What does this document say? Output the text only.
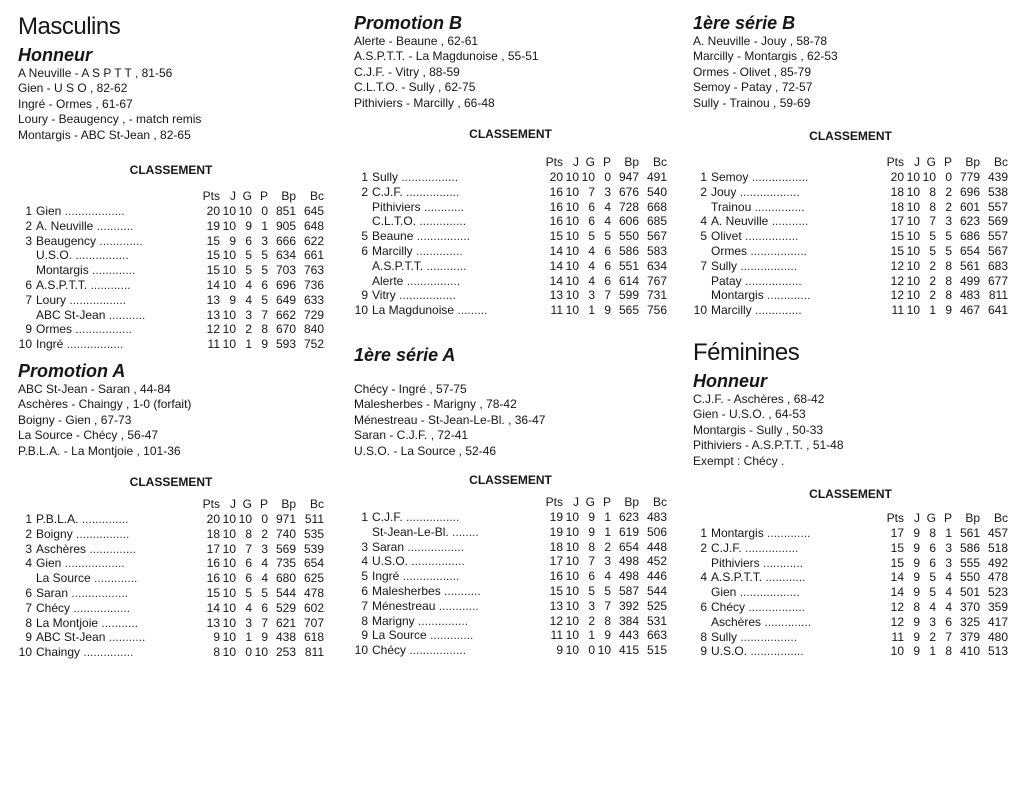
Masculins
Honneur
A Neuville - A S P T T , 81-56
Gien - U S O , 82-62
Ingré - Ormes , 61-67
Loury - Beaugency , - match remis
Montargis - ABC St-Jean , 82-65
CLASSEMENT
		Pts	J	G	P	Bp	Bc
1	Gien ..................	20	10	10	0	851	645
2	A. Neuville ...........	19	10	9	1	905	648
3	Beaugency .............	15	9	6	3	666	622
	U.S.O. ................	15	10	5	5	634	661
	Montargis .............	15	10	5	5	703	763
6	A.S.P.T.T. ............	14	10	4	6	696	736
7	Loury .................	13	9	4	5	649	633
	ABC St-Jean ...........	13	10	3	7	662	729
9	Ormes .................	12	10	2	8	670	840
10	Ingré .................	11	10	1	9	593	752
Promotion A
ABC St-Jean - Saran , 44-84
Aschères - Chaingy , 1-0 (forfait)
Boigny - Gien , 67-73
La Source - Chécy , 56-47
P.B.L.A. - La Montjoie , 101-36
CLASSEMENT
		Pts	J	G	P	Bp	Bc
1	P.B.L.A. ..............	20	10	10	0	971	511
2	Boigny ................	18	10	8	2	740	535
3	Aschères ..............	17	10	7	3	569	539
4	Gien ..................	16	10	6	4	735	654
	La Source .............	16	10	6	4	680	625
6	Saran .................	15	10	5	5	544	478
7	Chécy .................	14	10	4	6	529	602
8	La Montjoie ...........	13	10	3	7	621	707
9	ABC St-Jean ...........	9	10	1	9	438	618
10	Chaingy ...............	8	10	0	10	253	811
Promotion B
Alerte - Beaune , 62-61
A.S.P.T.T. - La Magdunoise , 55-51
C.J.F. - Vitry , 88-59
C.L.T.O. - Sully , 62-75
Pithiviers - Marcilly , 66-48
CLASSEMENT
		Pts	J	G	P	Bp	Bc
1	Sully .................	20	10	10	0	947	491
2	C.J.F. ................	16	10	7	3	676	540
	Pithiviers ............	16	10	6	4	728	668
	C.L.T.O. ..............	16	10	6	4	606	685
5	Beaune ................	15	10	5	5	550	567
6	Marcilly ..............	14	10	4	6	586	583
	A.S.P.T.T. ............	14	10	4	6	551	634
	Alerte ................	14	10	4	6	614	767
9	Vitry .................	13	10	3	7	599	731
10	La Magdunoise .........	11	10	1	9	565	756
1ère série A
Chécy - Ingré , 57-75
Malesherbes - Marigny , 78-42
Ménestreau - St-Jean-Le-Bl. , 36-47
Saran - C.J.F. , 72-41
U.S.O. - La Source , 52-46
CLASSEMENT
		Pts	J	G	P	Bp	Bc
1	C.J.F. ................	19	10	9	1	623	483
	St-Jean-Le-Bl. ........	19	10	9	1	619	506
3	Saran .................	18	10	8	2	654	448
4	U.S.O. ................	17	10	7	3	498	452
5	Ingré .................	16	10	6	4	498	446
6	Malesherbes ...........	15	10	5	5	587	544
7	Ménestreau ............	13	10	3	7	392	525
8	Marigny ...............	12	10	2	8	384	531
9	La Source .............	11	10	1	9	443	663
10	Chécy .................	9	10	0	10	415	515
1ère série B
A. Neuville - Jouy , 58-78
Marcilly - Montargis , 62-53
Ormes - Olivet , 85-79
Semoy - Patay , 72-57
Sully - Trainou , 59-69
CLASSEMENT
		Pts	J	G	P	Bp	Bc
1	Semoy .................	20	10	10	0	779	439
2	Jouy ..................	18	10	8	2	696	538
	Trainou ...............	18	10	8	2	601	557
4	A. Neuville ...........	17	10	7	3	623	569
5	Olivet ................	15	10	5	5	686	557
	Ormes .................	15	10	5	5	654	567
7	Sully .................	12	10	2	8	561	683
	Patay .................	12	10	2	8	499	677
	Montargis .............	12	10	2	8	483	811
10	Marcilly ..............	11	10	1	9	467	641
Féminines
Honneur
C.J.F. - Aschères , 68-42
Gien - U.S.O. , 64-53
Montargis - Sully , 50-33
Pithiviers - A.S.P.T.T. , 51-48
Exempt : Chécy .
CLASSEMENT
		Pts	J	G	P	Bp	Bc
1	Montargis .............	17	9	8	1	561	457
2	C.J.F. ................	15	9	6	3	586	518
	Pithiviers ............	15	9	6	3	555	492
4	A.S.P.T.T. ............	14	9	5	4	550	478
	Gien ..................	14	9	5	4	501	523
6	Chécy .................	12	8	4	4	370	359
	Aschères ..............	12	9	3	6	325	417
8	Sully .................	11	9	2	7	379	480
9	U.S.O. ................	10	9	1	8	410	513
